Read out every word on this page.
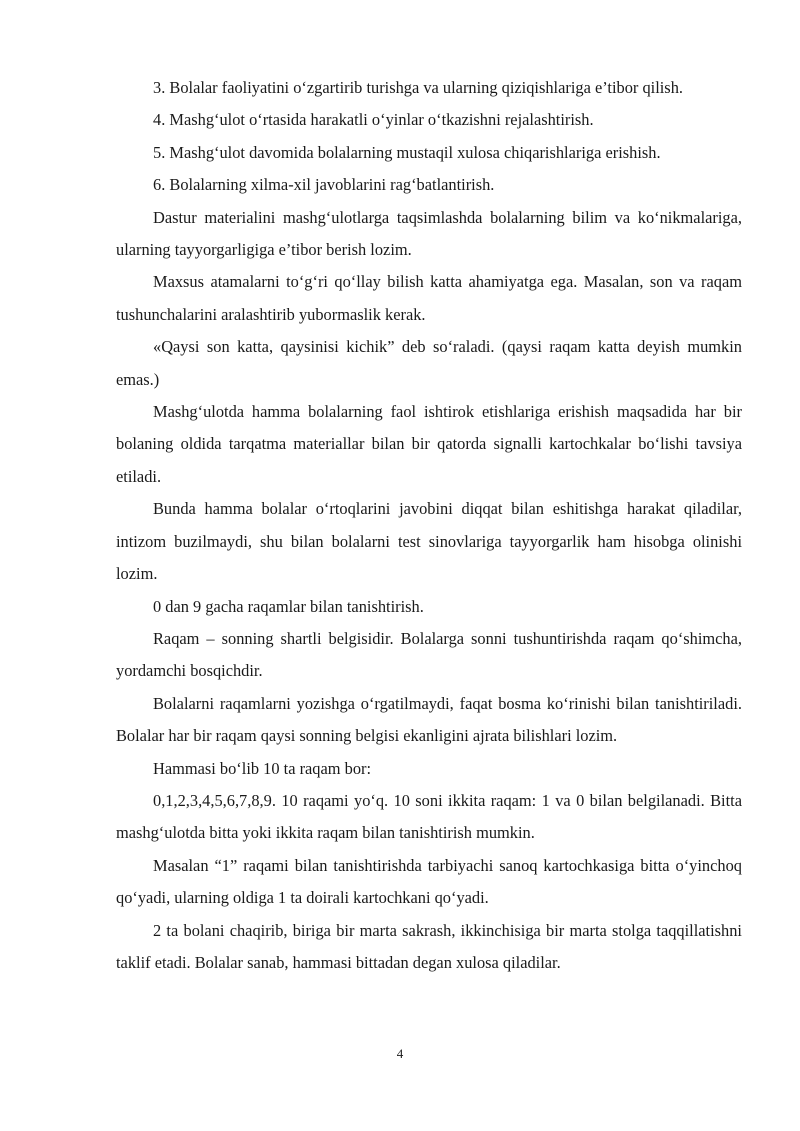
3. Bolalar faoliyatini o‘zgartirib turishga va ularning qiziqishlariga e’tibor qilish.

4. Mashg‘ulot o‘rtasida harakatli o‘yinlar o‘tkazishni rejalashtirish.

5. Mashg‘ulot davomida bolalarning mustaqil xulosa chiqarishlariga erishish.

6. Bolalarning xilma-xil javoblarini rag‘batlantirish.

Dastur materialini mashg‘ulotlarga taqsimlashda bolalarning bilim va ko‘nikmalariga, ularning tayyorgarligiga e’tibor berish lozim.

Maxsus atamalarni to‘g‘ri qo‘llay bilish katta ahamiyatga ega. Masalan, son va raqam tushunchalarini aralashtirib yubormaslik kerak.

«Qaysi son katta, qaysinisi kichik” deb so‘raladi. (qaysi raqam katta deyish mumkin emas.)

Mashg‘ulotda hamma bolalarning faol ishtirok etishlariga erishish maqsadida har bir bolaning oldida tarqatma materiallar bilan bir qatorda signalli kartochkalar bo‘lishi tavsiya etiladi.

Bunda hamma bolalar o‘rtoqlarini javobini diqqat bilan eshitishga harakat qiladilar, intizom buzilmaydi, shu bilan bolalarni test sinovlariga tayyorgarlik ham hisobga olinishi lozim.

0 dan 9 gacha raqamlar bilan tanishtirish.

Raqam – sonning shartli belgisidir. Bolalarga sonni tushuntirishda raqam qo‘shimcha, yordamchi bosqichdir.

Bolalarni raqamlarni yozishga o‘rgatilmaydi, faqat bosma ko‘rinishi bilan tanishtiriladi. Bolalar har bir raqam qaysi sonning belgisi ekanligini ajrata bilishlari lozim.

Hammasi bo‘lib 10 ta raqam bor:

0,1,2,3,4,5,6,7,8,9. 10 raqami yo‘q. 10 soni ikkita raqam: 1 va 0 bilan belgilanadi. Bitta mashg‘ulotda bitta yoki ikkita raqam bilan tanishtirish mumkin.

Masalan “1” raqami bilan tanishtirishda tarbiyachi sanoq kartochkasiga bitta o‘yinchoq qo‘yadi, ularning oldiga 1 ta doirali kartochkani qo‘yadi.

2 ta bolani chaqirib, biriga bir marta sakrash, ikkinchisiga bir marta stolga taqqillatishni taklif etadi. Bolalar sanab, hammasi bittadan degan xulosa qiladilar.

4
